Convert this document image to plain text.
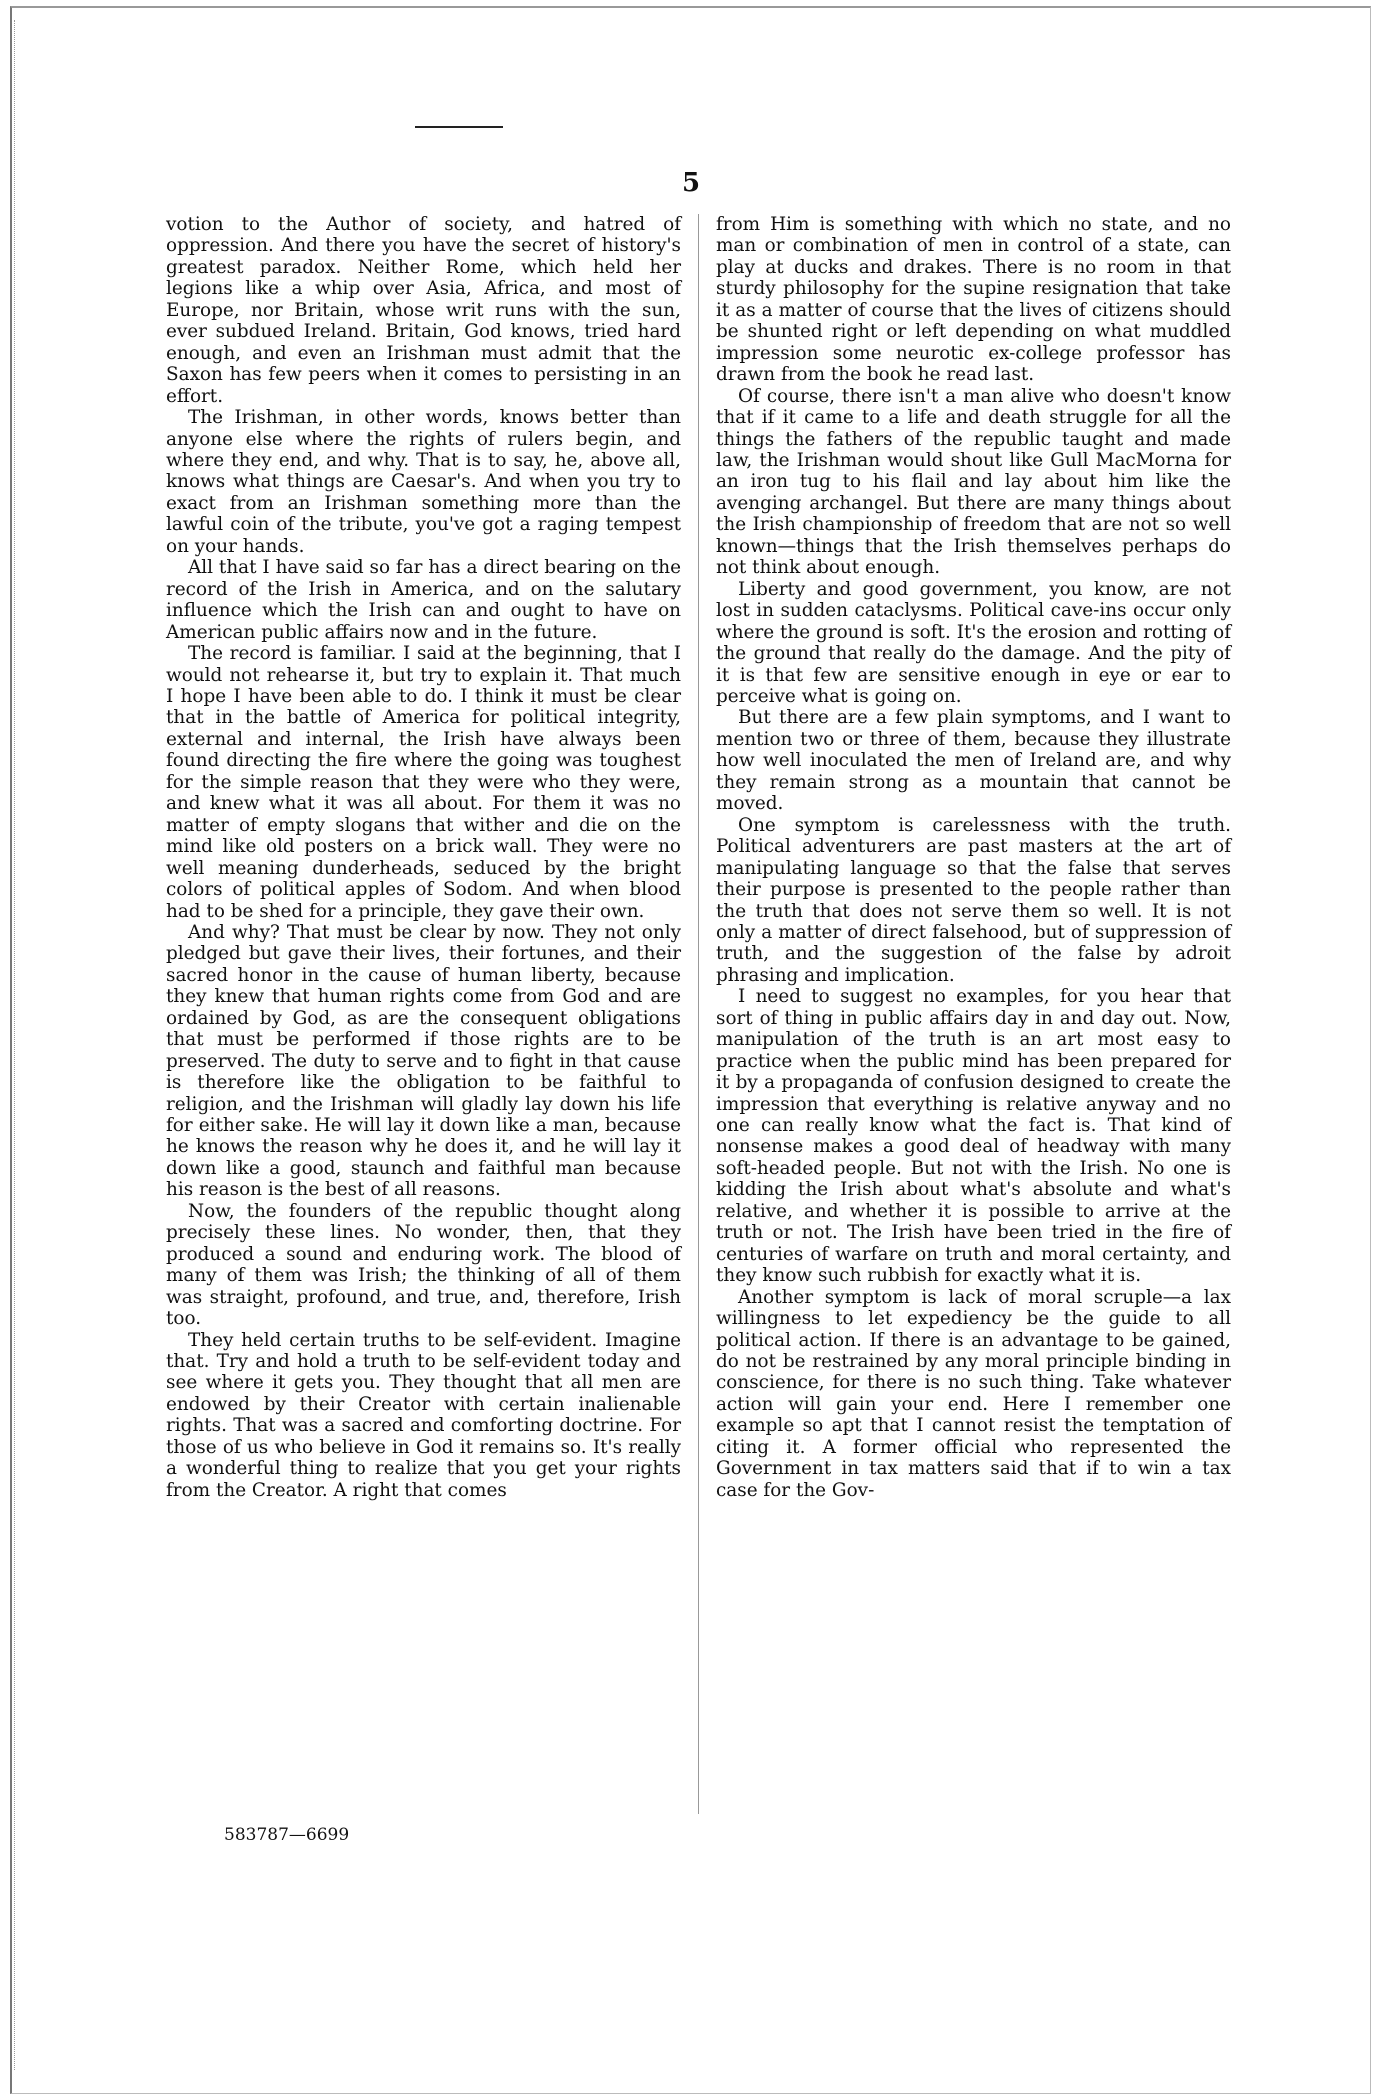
5

votion to the Author of society, and hatred of oppression. And there you have the secret of history's greatest paradox. Neither Rome, which held her legions like a whip over Asia, Africa, and most of Europe, nor Britain, whose writ runs with the sun, ever subdued Ireland. Britain, God knows, tried hard enough, and even an Irishman must admit that the Saxon has few peers when it comes to persisting in an effort.

The Irishman, in other words, knows better than anyone else where the rights of rulers begin, and where they end, and why. That is to say, he, above all, knows what things are Caesar's. And when you try to exact from an Irishman something more than the lawful coin of the tribute, you've got a raging tempest on your hands.

All that I have said so far has a direct bearing on the record of the Irish in America, and on the salutary influence which the Irish can and ought to have on American public affairs now and in the future.

The record is familiar. I said at the beginning, that I would not rehearse it, but try to explain it. That much I hope I have been able to do. I think it must be clear that in the battle of America for political integrity, external and internal, the Irish have always been found directing the fire where the going was toughest for the simple reason that they were who they were, and knew what it was all about. For them it was no matter of empty slogans that wither and die on the mind like old posters on a brick wall. They were no well meaning dunderheads, seduced by the bright colors of political apples of Sodom. And when blood had to be shed for a principle, they gave their own.

And why? That must be clear by now. They not only pledged but gave their lives, their fortunes, and their sacred honor in the cause of human liberty, because they knew that human rights come from God and are ordained by God, as are the consequent obligations that must be performed if those rights are to be preserved. The duty to serve and to fight in that cause is therefore like the obligation to be faithful to religion, and the Irishman will gladly lay down his life for either sake. He will lay it down like a man, because he knows the reason why he does it, and he will lay it down like a good, staunch and faithful man because his reason is the best of all reasons.

Now, the founders of the republic thought along precisely these lines. No wonder, then, that they produced a sound and enduring work. The blood of many of them was Irish; the thinking of all of them was straight, profound, and true, and, therefore, Irish too.

They held certain truths to be self-evident. Imagine that. Try and hold a truth to be self-evident today and see where it gets you. They thought that all men are endowed by their Creator with certain inalienable rights. That was a sacred and comforting doctrine. For those of us who believe in God it remains so. It's really a wonderful thing to realize that you get your rights from the Creator. A right that comes

from Him is something with which no state, and no man or combination of men in control of a state, can play at ducks and drakes. There is no room in that sturdy philosophy for the supine resignation that take it as a matter of course that the lives of citizens should be shunted right or left depending on what muddled impression some neurotic ex-college professor has drawn from the book he read last.

Of course, there isn't a man alive who doesn't know that if it came to a life and death struggle for all the things the fathers of the republic taught and made law, the Irishman would shout like Gull MacMorna for an iron tug to his flail and lay about him like the avenging archangel. But there are many things about the Irish championship of freedom that are not so well known—things that the Irish themselves perhaps do not think about enough.

Liberty and good government, you know, are not lost in sudden cataclysms. Political cave-ins occur only where the ground is soft. It's the erosion and rotting of the ground that really do the damage. And the pity of it is that few are sensitive enough in eye or ear to perceive what is going on.

But there are a few plain symptoms, and I want to mention two or three of them, because they illustrate how well inoculated the men of Ireland are, and why they remain strong as a mountain that cannot be moved.

One symptom is carelessness with the truth. Political adventurers are past masters at the art of manipulating language so that the false that serves their purpose is presented to the people rather than the truth that does not serve them so well. It is not only a matter of direct falsehood, but of suppression of truth, and the suggestion of the false by adroit phrasing and implication.

I need to suggest no examples, for you hear that sort of thing in public affairs day in and day out. Now, manipulation of the truth is an art most easy to practice when the public mind has been prepared for it by a propaganda of confusion designed to create the impression that everything is relative anyway and no one can really know what the fact is. That kind of nonsense makes a good deal of headway with many soft-headed people. But not with the Irish. No one is kidding the Irish about what's absolute and what's relative, and whether it is possible to arrive at the truth or not. The Irish have been tried in the fire of centuries of warfare on truth and moral certainty, and they know such rubbish for exactly what it is.

Another symptom is lack of moral scruple—a lax willingness to let expediency be the guide to all political action. If there is an advantage to be gained, do not be restrained by any moral principle binding in conscience, for there is no such thing. Take whatever action will gain your end. Here I remember one example so apt that I cannot resist the temptation of citing it. A former official who represented the Government in tax matters said that if to win a tax case for the Gov-

583787—6699
